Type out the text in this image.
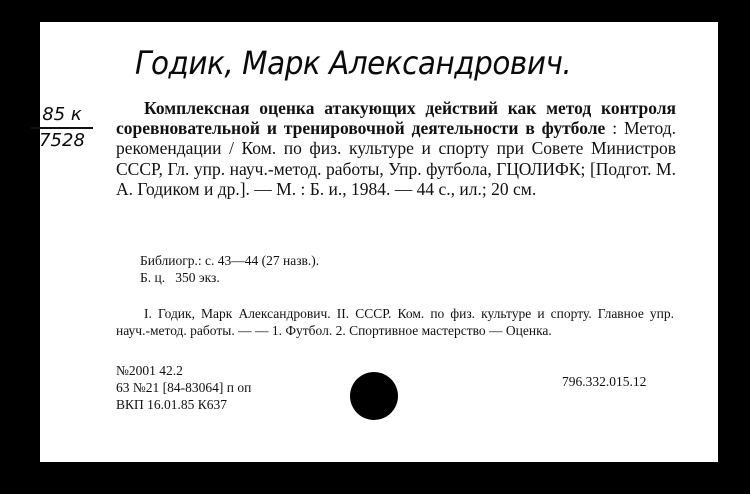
Годик, Марк Александрович.
85 к
7528

Комплексная оценка атакующих действий как метод контроля соревновательной и тренировочной деятельности в футболе : Метод. рекомендации / Ком. по физ. культуре и спорту при Совете Министров СССР, Гл. упр. науч.-метод. работы, Упр. футбола, ГЦОЛИФК; [Подгот. М. А. Годиком и др.]. — М. : Б. и., 1984. — 44 с., ил.; 20 см.

Библиогр.: с. 43—44 (27 назв.).

Б. ц.   350 экз.

I. Годик, Марк Александрович. II. СССР. Ком. по физ. культуре и спорту. Главное упр. науч.-метод. работы. — — 1. Футбол. 2. Спортивное мастерство — Оценка.

№2001 42.2
63 №21 [84-83064] п оп
ВКП 16.01.85 К637
796.332.015.12
